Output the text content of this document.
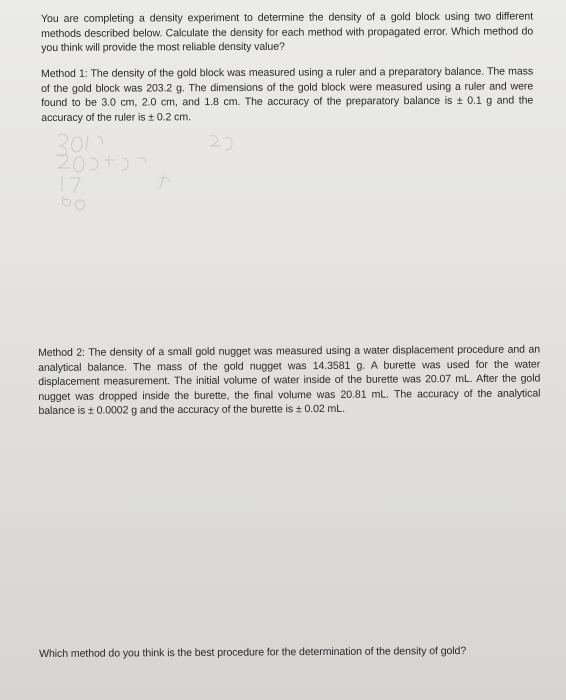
You are completing a density experiment to determine the density of a gold block using two different methods described below. Calculate the density for each method with propagated error. Which method do you think will provide the most reliable density value?

Method 1: The density of the gold block was measured using a ruler and a preparatory balance. The mass of the gold block was 203.2 g. The dimensions of the gold block were measured using a ruler and were found to be 3.0 cm, 2.0 cm, and 1.8 cm. The accuracy of the preparatory balance is ± 0.1 g and the accuracy of the ruler is ± 0.2 cm.

Method 2: The density of a small gold nugget was measured using a water displacement procedure and an analytical balance. The mass of the gold nugget was 14.3581 g. A burette was used for the water displacement measurement. The initial volume of water inside of the burette was 20.07 mL. After the gold nugget was dropped inside the burette, the final volume was 20.81 mL. The accuracy of the analytical balance is ± 0.0002 g and the accuracy of the burette is ± 0.02 mL.

Which method do you think is the best procedure for the determination of the density of gold?
